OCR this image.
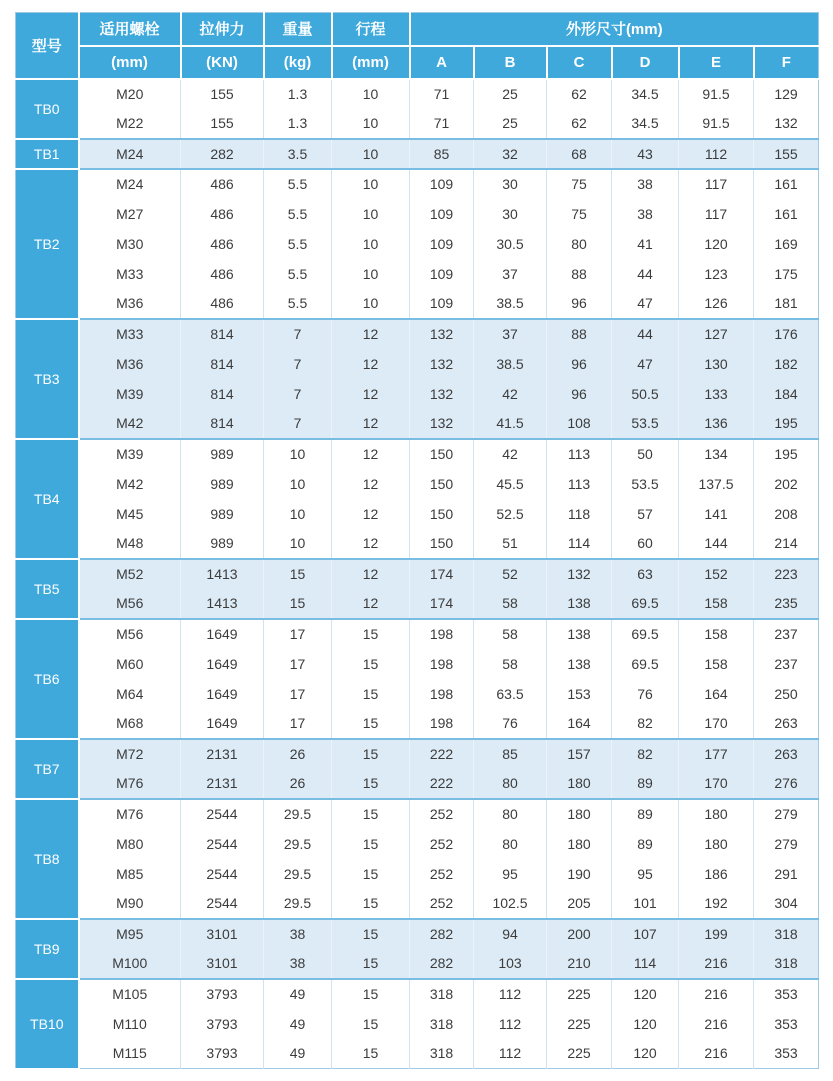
型号	适用螺栓	拉伸力	重量	行程	外形尺寸(mm)					
	(mm)	(KN)	(kg)	(mm)	A	B	C	D	E	F
TB0	M20	155	1.3	10	71	25	62	34.5	91.5	129
	M22	155	1.3	10	71	25	62	34.5	91.5	132
TB1	M24	282	3.5	10	85	32	68	43	112	155
TB2	M24	486	5.5	10	109	30	75	38	117	161
	M27	486	5.5	10	109	30	75	38	117	161
	M30	486	5.5	10	109	30.5	80	41	120	169
	M33	486	5.5	10	109	37	88	44	123	175
	M36	486	5.5	10	109	38.5	96	47	126	181
TB3	M33	814	7	12	132	37	88	44	127	176
	M36	814	7	12	132	38.5	96	47	130	182
	M39	814	7	12	132	42	96	50.5	133	184
	M42	814	7	12	132	41.5	108	53.5	136	195
TB4	M39	989	10	12	150	42	113	50	134	195
	M42	989	10	12	150	45.5	113	53.5	137.5	202
	M45	989	10	12	150	52.5	118	57	141	208
	M48	989	10	12	150	51	114	60	144	214
TB5	M52	1413	15	12	174	52	132	63	152	223
	M56	1413	15	12	174	58	138	69.5	158	235
TB6	M56	1649	17	15	198	58	138	69.5	158	237
	M60	1649	17	15	198	58	138	69.5	158	237
	M64	1649	17	15	198	63.5	153	76	164	250
	M68	1649	17	15	198	76	164	82	170	263
TB7	M72	2131	26	15	222	85	157	82	177	263
	M76	2131	26	15	222	80	180	89	170	276
TB8	M76	2544	29.5	15	252	80	180	89	180	279
	M80	2544	29.5	15	252	80	180	89	180	279
	M85	2544	29.5	15	252	95	190	95	186	291
	M90	2544	29.5	15	252	102.5	205	101	192	304
TB9	M95	3101	38	15	282	94	200	107	199	318
	M100	3101	38	15	282	103	210	114	216	318
TB10	M105	3793	49	15	318	112	225	120	216	353
	M110	3793	49	15	318	112	225	120	216	353
	M115	3793	49	15	318	112	225	120	216	353
